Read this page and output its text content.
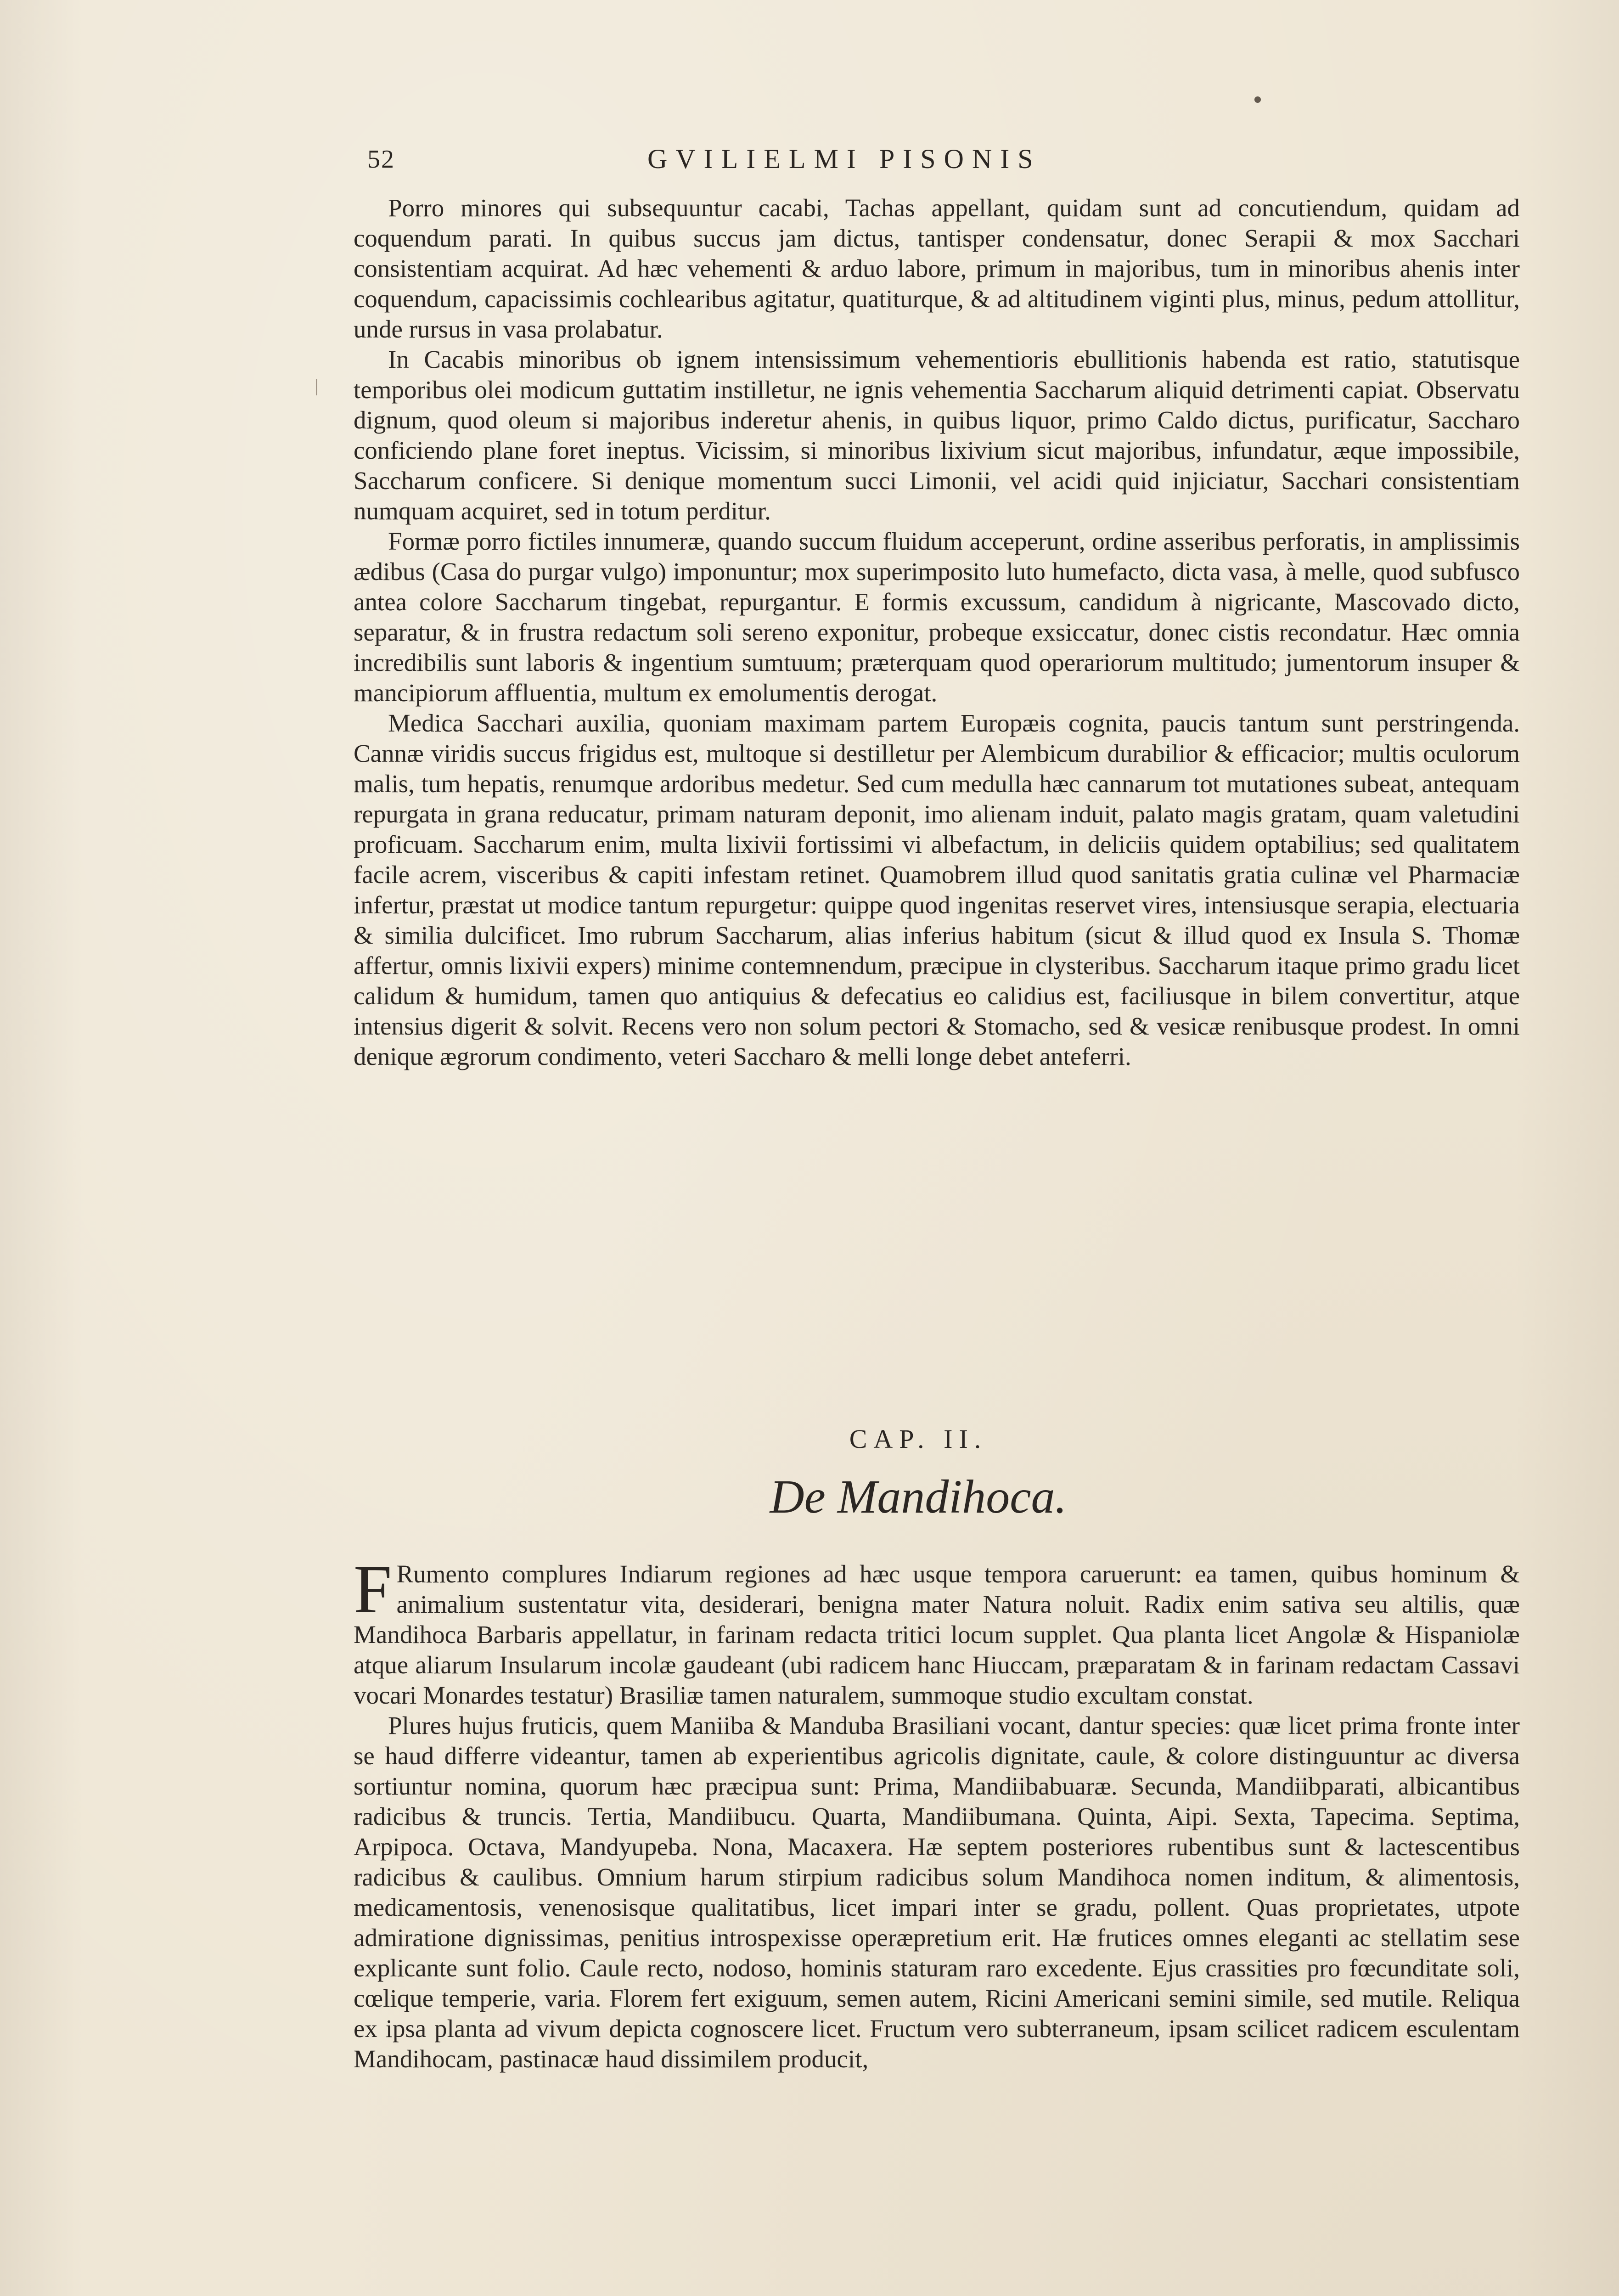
52	GVILIELMI PISONIS

Porro minores qui subsequuntur cacabi, Tachas appellant, quidam sunt ad concutiendum, quidam ad coquendum parati. In quibus succus jam dictus, tantisper condensatur, donec Serapii & mox Sacchari consistentiam acquirat. Ad hæc vehementi & arduo labore, primum in majoribus, tum in minoribus ahenis inter coquendum, capacissimis cochlearibus agitatur, quatiturque, & ad altitudinem viginti plus, minus, pedum attollitur, unde rursus in vasa prolabatur.

In Cacabis minoribus ob ignem intensissimum vehementioris ebullitionis habenda est ratio, statutisque temporibus olei modicum guttatim instilletur, ne ignis vehementia Saccharum aliquid detrimenti capiat. Observatu dignum, quod oleum si majoribus inderetur ahenis, in quibus liquor, primo Caldo dictus, purificatur, Saccharo conficiendo plane foret ineptus. Vicissim, si minoribus lixivium sicut majoribus, infundatur, æque impossibile, Saccharum conficere. Si denique momentum succi Limonii, vel acidi quid injiciatur, Sacchari consistentiam numquam acquiret, sed in totum perditur.

Formæ porro fictiles innumeræ, quando succum fluidum acceperunt, ordine asseribus perforatis, in amplissimis ædibus (Casa do purgar vulgo) imponuntur; mox superimposito luto humefacto, dicta vasa, à melle, quod subfusco antea colore Saccharum tingebat, repurgantur. E formis excussum, candidum à nigricante, Mascovado dicto, separatur, & in frustra redactum soli sereno exponitur, probeque exsiccatur, donec cistis recondatur. Hæc omnia incredibilis sunt laboris & ingentium sumtuum; præterquam quod operariorum multitudo; jumentorum insuper & mancipiorum affluentia, multum ex emolumentis derogat.

Medica Sacchari auxilia, quoniam maximam partem Europæis cognita, paucis tantum sunt perstringenda. Cannæ viridis succus frigidus est, multoque si destilletur per Alembicum durabilior & efficacior; multis oculorum malis, tum hepatis, renumque ardoribus medetur. Sed cum medulla hæc cannarum tot mutationes subeat, antequam repurgata in grana reducatur, primam naturam deponit, imo alienam induit, palato magis gratam, quam valetudini proficuam. Saccharum enim, multa lixivii fortissimi vi albefactum, in deliciis quidem optabilius; sed qualitatem facile acrem, visceribus & capiti infestam retinet. Quamobrem illud quod sanitatis gratia culinæ vel Pharmaciæ infertur, præstat ut modice tantum repurgetur: quippe quod ingenitas reservet vires, intensiusque serapia, electuaria & similia dulcificet. Imo rubrum Saccharum, alias inferius habitum (sicut & illud quod ex Insula S. Thomæ affertur, omnis lixivii expers) minime contemnendum, præcipue in clysteribus. Saccharum itaque primo gradu licet calidum & humidum, tamen quo antiquius & defecatius eo calidius est, faciliusque in bilem convertitur, atque intensius digerit & solvit. Recens vero non solum pectori & Stomacho, sed & vesicæ renibusque prodest. In omni denique ægrorum condimento, veteri Saccharo & melli longe debet anteferri.

CAP. II.
De Mandihoca.

F Rumento complures Indiarum regiones ad hæc usque tempora caruerunt: ea tamen, quibus hominum & animalium sustentatur vita, desiderari, benigna mater Natura noluit. Radix enim sativa seu altilis, quæ Mandihoca Barbaris appellatur, in farinam redacta tritici locum supplet. Qua planta licet Angolæ & Hispaniolæ atque aliarum Insularum incolæ gaudeant (ubi radicem hanc Hiuccam, præparatam & in farinam redactam Cassavi vocari Monardes testatur) Brasiliæ tamen naturalem, summoque studio excultam constat.

Plures hujus fruticis, quem Maniiba & Manduba Brasiliani vocant, dantur species: quæ licet prima fronte inter se haud differre videantur, tamen ab experientibus agricolis dignitate, caule, & colore distinguuntur ac diversa sortiuntur nomina, quorum hæc præcipua sunt: Prima, Mandiibabuaræ. Secunda, Mandiibparati, albicantibus radicibus & truncis. Tertia, Mandiibucu. Quarta, Mandiibumana. Quinta, Aipi. Sexta, Tapecima. Septima, Arpipoca. Octava, Mandyupeba. Nona, Macaxera. Hæ septem posteriores rubentibus sunt & lactescentibus radicibus & caulibus. Omnium harum stirpium radicibus solum Mandihoca nomen inditum, & alimentosis, medicamentosis, venenosisque qualitatibus, licet impari inter se gradu, pollent. Quas proprietates, utpote admiratione dignissimas, penitius introspexisse operæpretium erit. Hæ frutices omnes eleganti ac stellatim sese explicante sunt folio. Caule recto, nodoso, hominis staturam raro excedente. Ejus crassities pro fœcunditate soli, cœlique temperie, varia. Florem fert exiguum, semen autem, Ricini Americani semini simile, sed mutile. Reliqua ex ipsa planta ad vivum depicta cognoscere licet. Fructum vero subterraneum, ipsam scilicet radicem esculentam Mandihocam, pastinacæ haud dissimilem producit,
